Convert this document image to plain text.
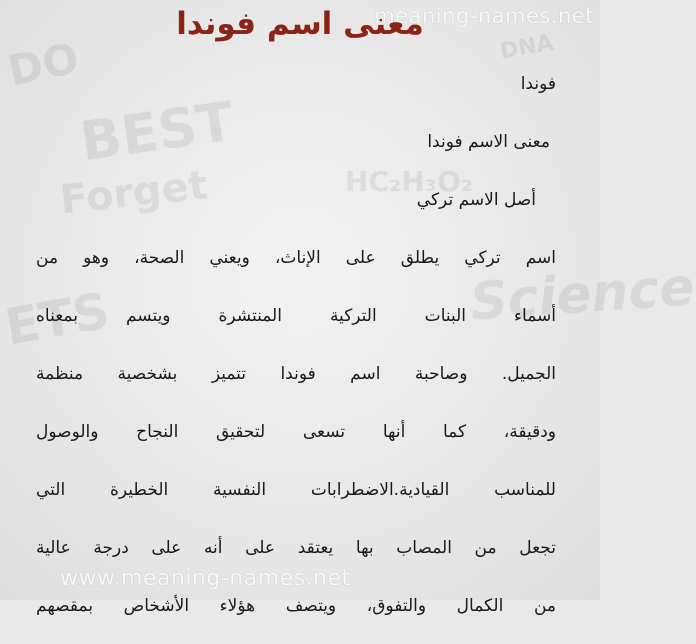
DO
BEST
Forget
Science
DNA
HC₂H₃O₂
ETS
meaning-names.net
معنى اسم فوندا
فوندا
معنى الاسم فوندا
أصل الاسم تركي
اسم تركي يطلق على الإناث، ويعني الصحة، وهو من
أسماء البنات التركية المنتشرة ويتسم بمعناه
الجميل. وصاحبة اسم فوندا تتميز بشخصية منظمة
ودقيقة، كما أنها تسعى لتحقيق النجاح والوصول
للمناسب القيادية.الاضطرابات النفسية الخطيرة التي
تجعل من المصاب بها يعتقد على أنه على درجة عالية
من الكمال والتفوق، ويتصف هؤلاء الأشخاص بمقصهم
www.meaning-names.net
